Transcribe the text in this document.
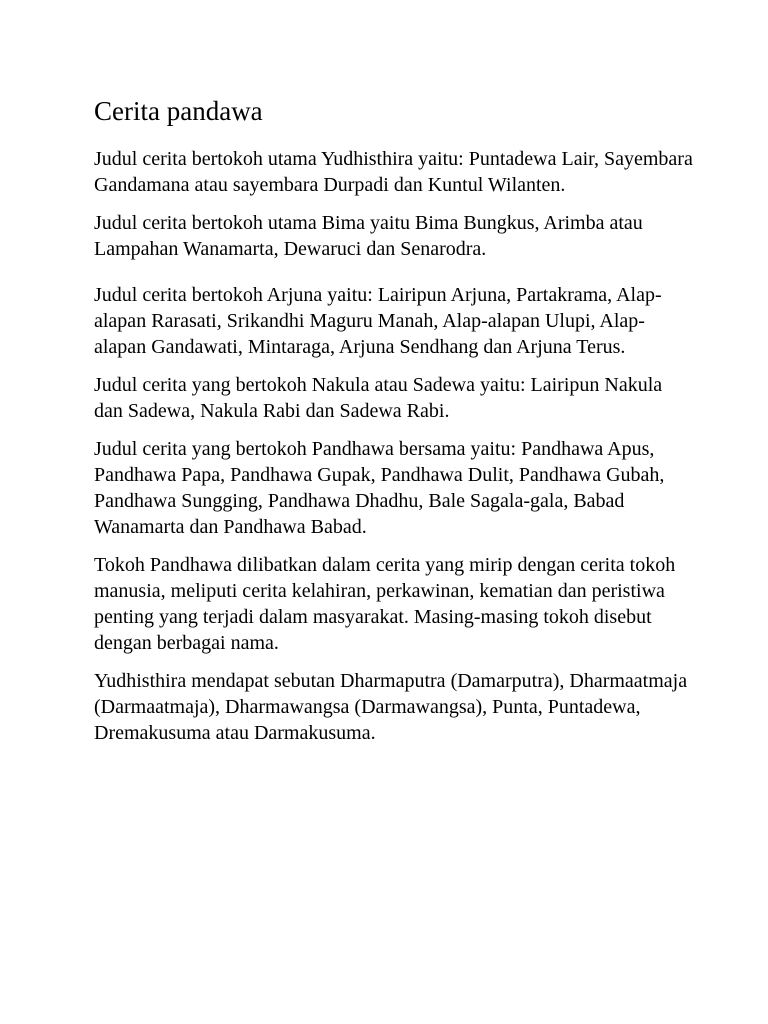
Cerita pandawa

Judul cerita bertokoh utama Yudhisthira yaitu: Puntadewa Lair, Sayembara Gandamana atau sayembara Durpadi dan Kuntul Wilanten.

Judul cerita bertokoh utama Bima yaitu Bima Bungkus, Arimba atau Lampahan Wanamarta, Dewaruci dan Senarodra.

Judul cerita bertokoh Arjuna yaitu: Lairipun Arjuna, Partakrama, Alap-alapan Rarasati, Srikandhi Maguru Manah, Alap-alapan Ulupi, Alap-alapan Gandawati, Mintaraga, Arjuna Sendhang dan Arjuna Terus.

Judul cerita yang bertokoh Nakula atau Sadewa yaitu: Lairipun Nakula dan Sadewa, Nakula Rabi dan Sadewa Rabi.

Judul cerita yang bertokoh Pandhawa bersama yaitu: Pandhawa Apus, Pandhawa Papa, Pandhawa Gupak, Pandhawa Dulit, Pandhawa Gubah, Pandhawa Sungging, Pandhawa Dhadhu, Bale Sagala-gala, Babad Wanamarta dan Pandhawa Babad.

Tokoh Pandhawa dilibatkan dalam cerita yang mirip dengan cerita tokoh manusia, meliputi cerita kelahiran, perkawinan, kematian dan peristiwa penting yang terjadi dalam masyarakat. Masing-masing tokoh disebut dengan berbagai nama.

Yudhisthira mendapat sebutan Dharmaputra (Damarputra), Dharmaatmaja (Darmaatmaja), Dharmawangsa (Darmawangsa), Punta, Puntadewa, Dremakusuma atau Darmakusuma.
